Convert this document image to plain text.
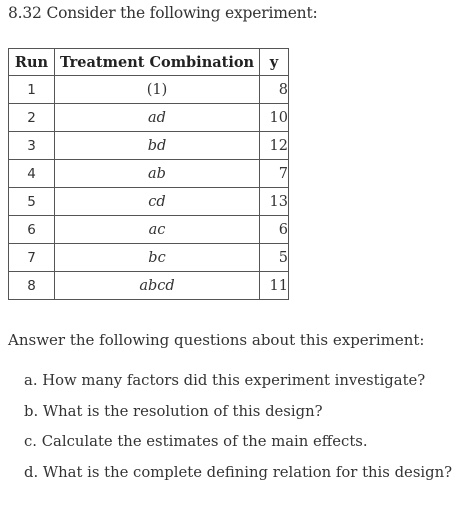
8.32 Consider the following experiment:
Run	Treatment Combination	y
1	(1)	8
2	ad	10
3	bd	12
4	ab	7
5	cd	13
6	ac	6
7	bc	5
8	abcd	11
Answer the following questions about this experiment:
a. How many factors did this experiment investigate?
b. What is the resolution of this design?
c. Calculate the estimates of the main effects.
d. What is the complete defining relation for this design?
